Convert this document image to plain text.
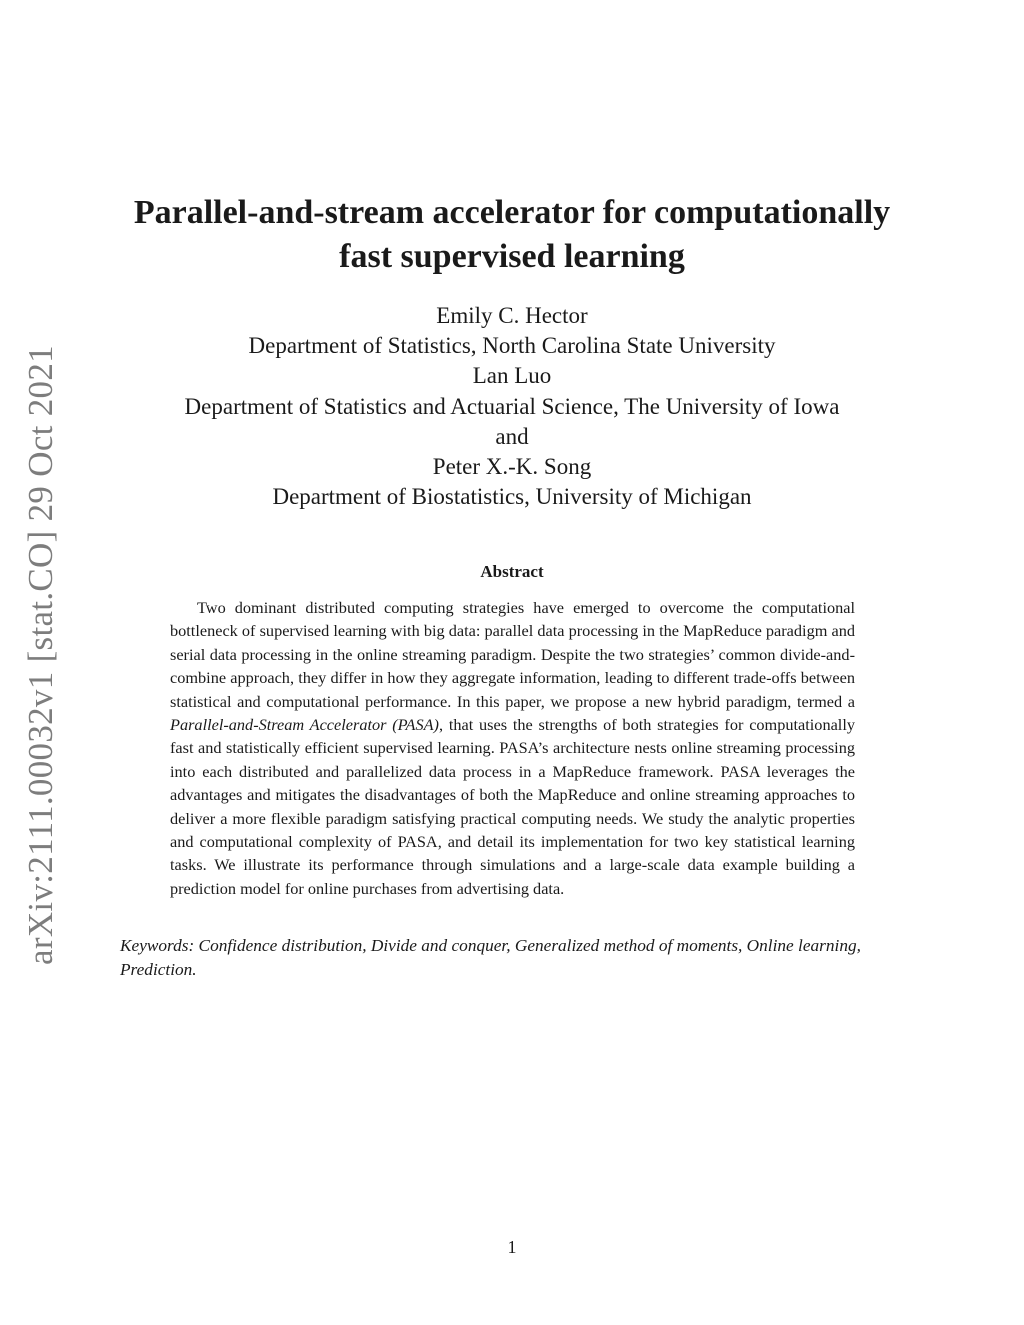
arXiv:2111.00032v1 [stat.CO] 29 Oct 2021
Parallel-and-stream accelerator for computationally
fast supervised learning
Emily C. Hector
Department of Statistics, North Carolina State University
Lan Luo
Department of Statistics and Actuarial Science, The University of Iowa
and
Peter X.-K. Song
Department of Biostatistics, University of Michigan
Abstract

Two dominant distributed computing strategies have emerged to overcome the computational bottleneck of supervised learning with big data: parallel data processing in the MapReduce paradigm and serial data processing in the online streaming paradigm. Despite the two strategies’ common divide-and-combine approach, they differ in how they aggregate information, leading to different trade-offs between statistical and computational performance. In this paper, we propose a new hybrid paradigm, termed a Parallel-and-Stream Accelerator (PASA), that uses the strengths of both strategies for computationally fast and statistically efficient supervised learning. PASA’s architecture nests online streaming processing into each distributed and parallelized data process in a MapReduce framework. PASA leverages the advantages and mitigates the disadvantages of both the MapReduce and online streaming approaches to deliver a more flexible paradigm satisfying practical computing needs. We study the analytic properties and computational complexity of PASA, and detail its implementation for two key statistical learning tasks. We illustrate its performance through simulations and a large-scale data example building a prediction model for online purchases from advertising data.

Keywords: Confidence distribution, Divide and conquer, Generalized method of moments, Online learning, Prediction.

1
